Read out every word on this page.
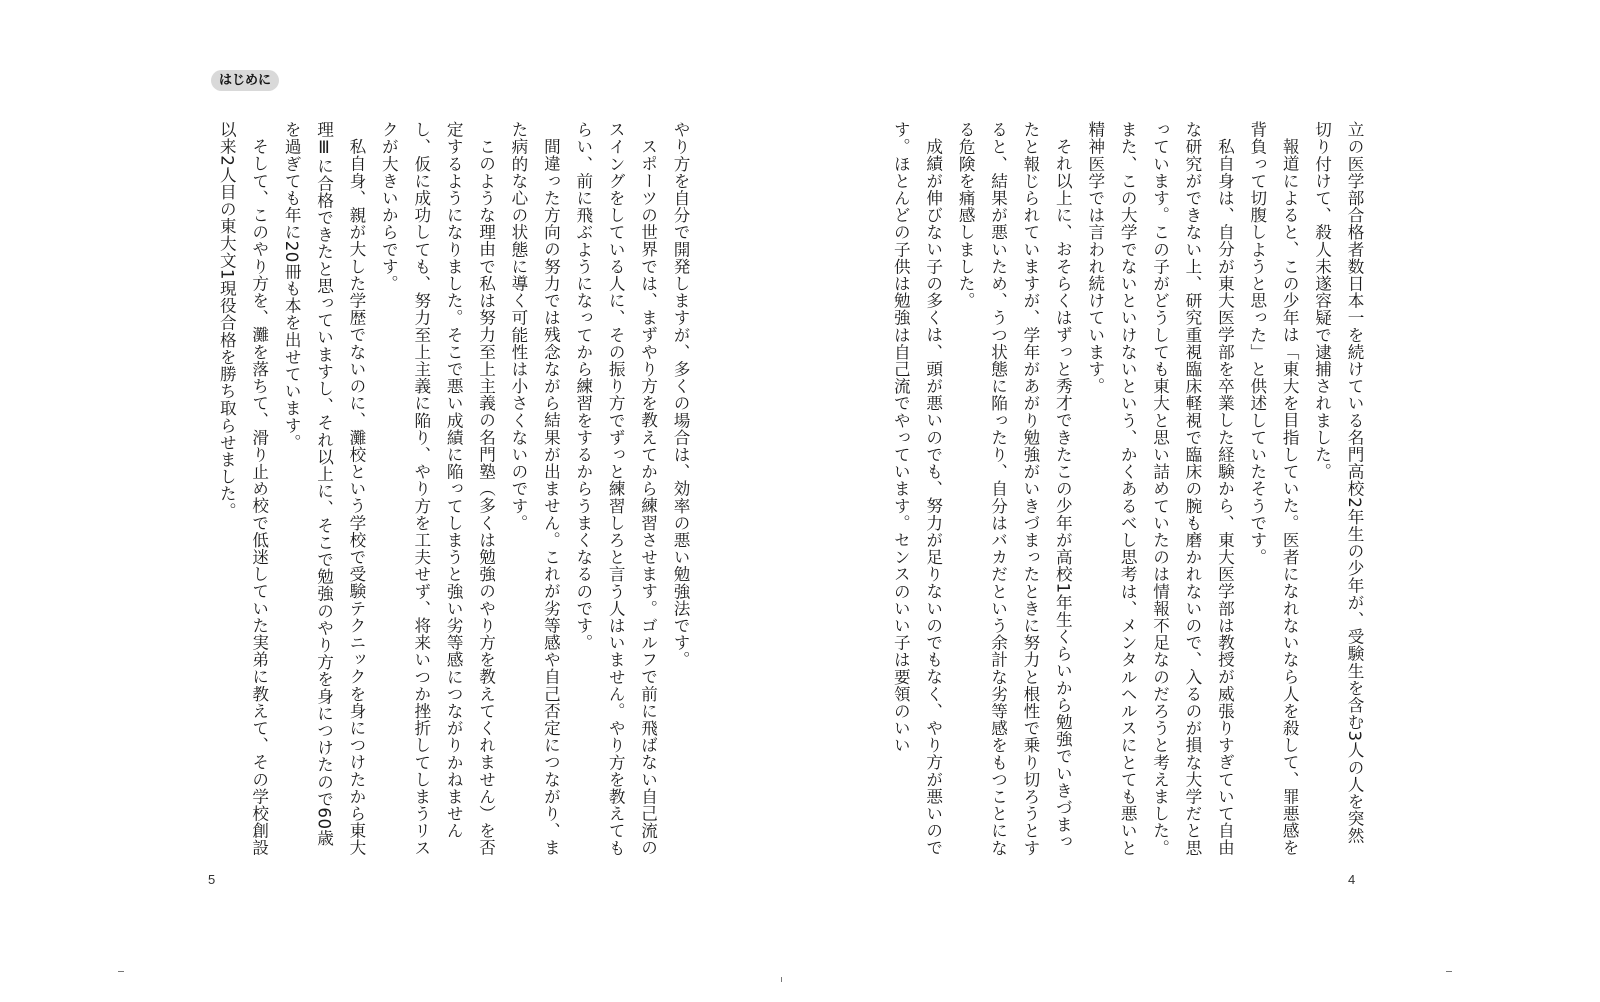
はじめに

立の医学部合格者数日本一を続けている名門高校2年生の少年が、受験生を含む3人の人を突然切り付けて、殺人未遂容疑で逮捕されました。

報道によると、この少年は「東大を目指していた。医者になれないなら人を殺して、罪悪感を背負って切腹しようと思った」と供述していたそうです。

私自身は、自分が東大医学部を卒業した経験から、東大医学部は教授が威張りすぎていて自由な研究ができない上、研究重視臨床軽視で臨床の腕も磨かれないので、入るのが損な大学だと思っています。この子がどうしても東大と思い詰めていたのは情報不足なのだろうと考えました。また、この大学でないといけないという、かくあるべし思考は、メンタルヘルスにとても悪いと精神医学では言われ続けています。

それ以上に、おそらくはずっと秀才できたこの少年が高校1年生くらいから勉強でいきづまったと報じられていますが、学年があがり勉強がいきづまったときに努力と根性で乗り切ろうとすると、結果が悪いため、うつ状態に陥ったり、自分はバカだという余計な劣等感をもつことになる危険を痛感しました。

成績が伸びない子の多くは、頭が悪いのでも、努力が足りないのでもなく、やり方が悪いのです。ほとんどの子供は勉強は自己流でやっています。センスのいい子は要領のいい

やり方を自分で開発しますが、多くの場合は、効率の悪い勉強法です。

スポーツの世界では、まずやり方を教えてから練習させます。ゴルフで前に飛ばない自己流のスイングをしている人に、その振り方でずっと練習しろと言う人はいません。やり方を教えてもらい、前に飛ぶようになってから練習をするからうまくなるのです。

間違った方向の努力では残念ながら結果が出ません。これが劣等感や自己否定につながり、また病的な心の状態に導く可能性は小さくないのです。

このような理由で私は努力至上主義の名門塾（多くは勉強のやり方を教えてくれません）を否定するようになりました。そこで悪い成績に陥ってしまうと強い劣等感につながりかねませんし、仮に成功しても、努力至上主義に陥り、やり方を工夫せず、将来いつか挫折してしまうリスクが大きいからです。

私自身、親が大した学歴でないのに、灘校という学校で受験テクニックを身につけたから東大理Ⅲに合格できたと思っていますし、それ以上に、そこで勉強のやり方を身につけたので60歳を過ぎても年に20冊も本を出せています。

そして、このやり方を、灘を落ちて、滑り止め校で低迷していた実弟に教えて、その学校創設以来2人目の東大文1現役合格を勝ち取らせました。

5	4
